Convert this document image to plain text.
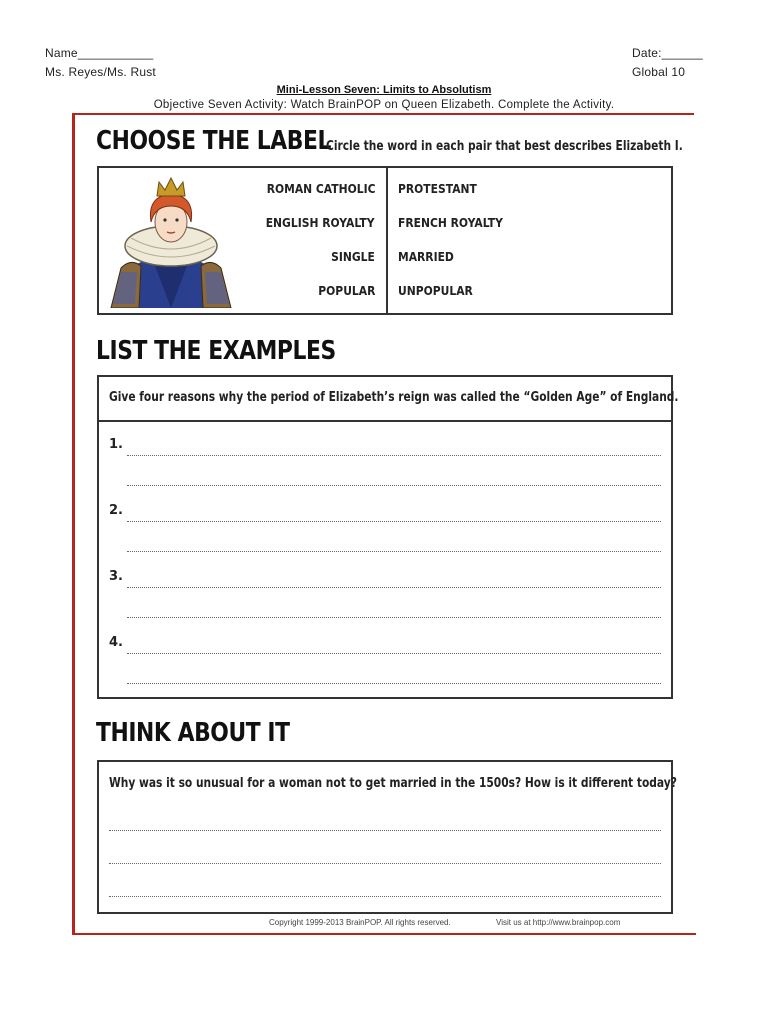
Name___________
Ms. Reyes/Ms. Rust
Date:______
Global 10
Mini-Lesson Seven: Limits to Absolutism
Objective Seven Activity: Watch BrainPOP on Queen Elizabeth. Complete the Activity.
CHOOSE THE LABEL
Circle the word in each pair that best describes Elizabeth I.
ROMAN CATHOLIC PROTESTANT
ENGLISH ROYALTY FRENCH ROYALTY
SINGLE MARRIED
POPULAR UNPOPULAR
LIST THE EXAMPLES
Give four reasons why the period of Elizabeth’s reign was called the “Golden Age” of England.
1.
2.
3.
4.
THINK ABOUT IT
Why was it so unusual for a woman not to get married in the 1500s? How is it different today?
Copyright 1999-2013 BrainPOP. All rights reserved.	Visit us at http://www.brainpop.com
